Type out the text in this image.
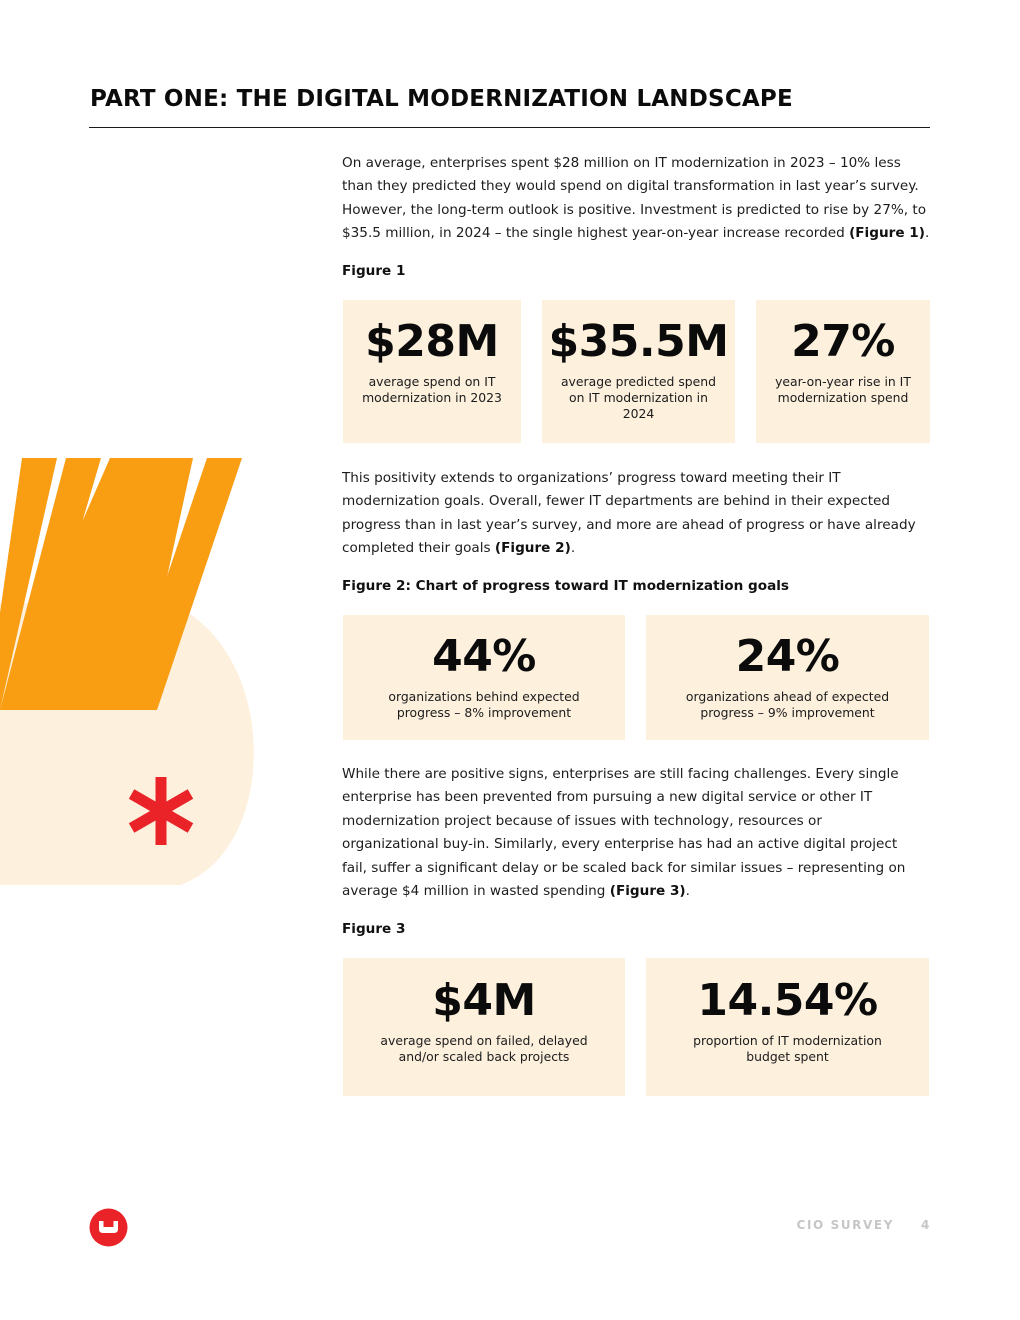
PART ONE: THE DIGITAL MODERNIZATION LANDSCAPE

On average, enterprises spent $28 million on IT modernization in 2023 – 10% less than they predicted they would spend on digital transformation in last year’s survey. However, the long-term outlook is positive. Investment is predicted to rise by 27%, to $35.5 million, in 2024 – the single highest year-on-year increase recorded (Figure 1).

Figure 1

$28M
average spend on IT modernization in 2023
$35.5M
average predicted spend on IT modernization in 2024
27%
year-on-year rise in IT modernization spend

This positivity extends to organizations’ progress toward meeting their IT modernization goals. Overall, fewer IT departments are behind in their expected progress than in last year’s survey, and more are ahead of progress or have already completed their goals (Figure 2).

Figure 2: Chart of progress toward IT modernization goals

44%
organizations behind expected progress – 8% improvement
24%
organizations ahead of expected progress – 9% improvement

While there are positive signs, enterprises are still facing challenges. Every single enterprise has been prevented from pursuing a new digital service or other IT modernization project because of issues with technology, resources or organizational buy-in. Similarly, every enterprise has had an active digital project fail, suffer a significant delay or be scaled back for similar issues – representing on average $4 million in wasted spending (Figure 3).

Figure 3

$4M
average spend on failed, delayed and/or scaled back projects
14.54%
proportion of IT modernization budget spent
CIO SURVEY 4
